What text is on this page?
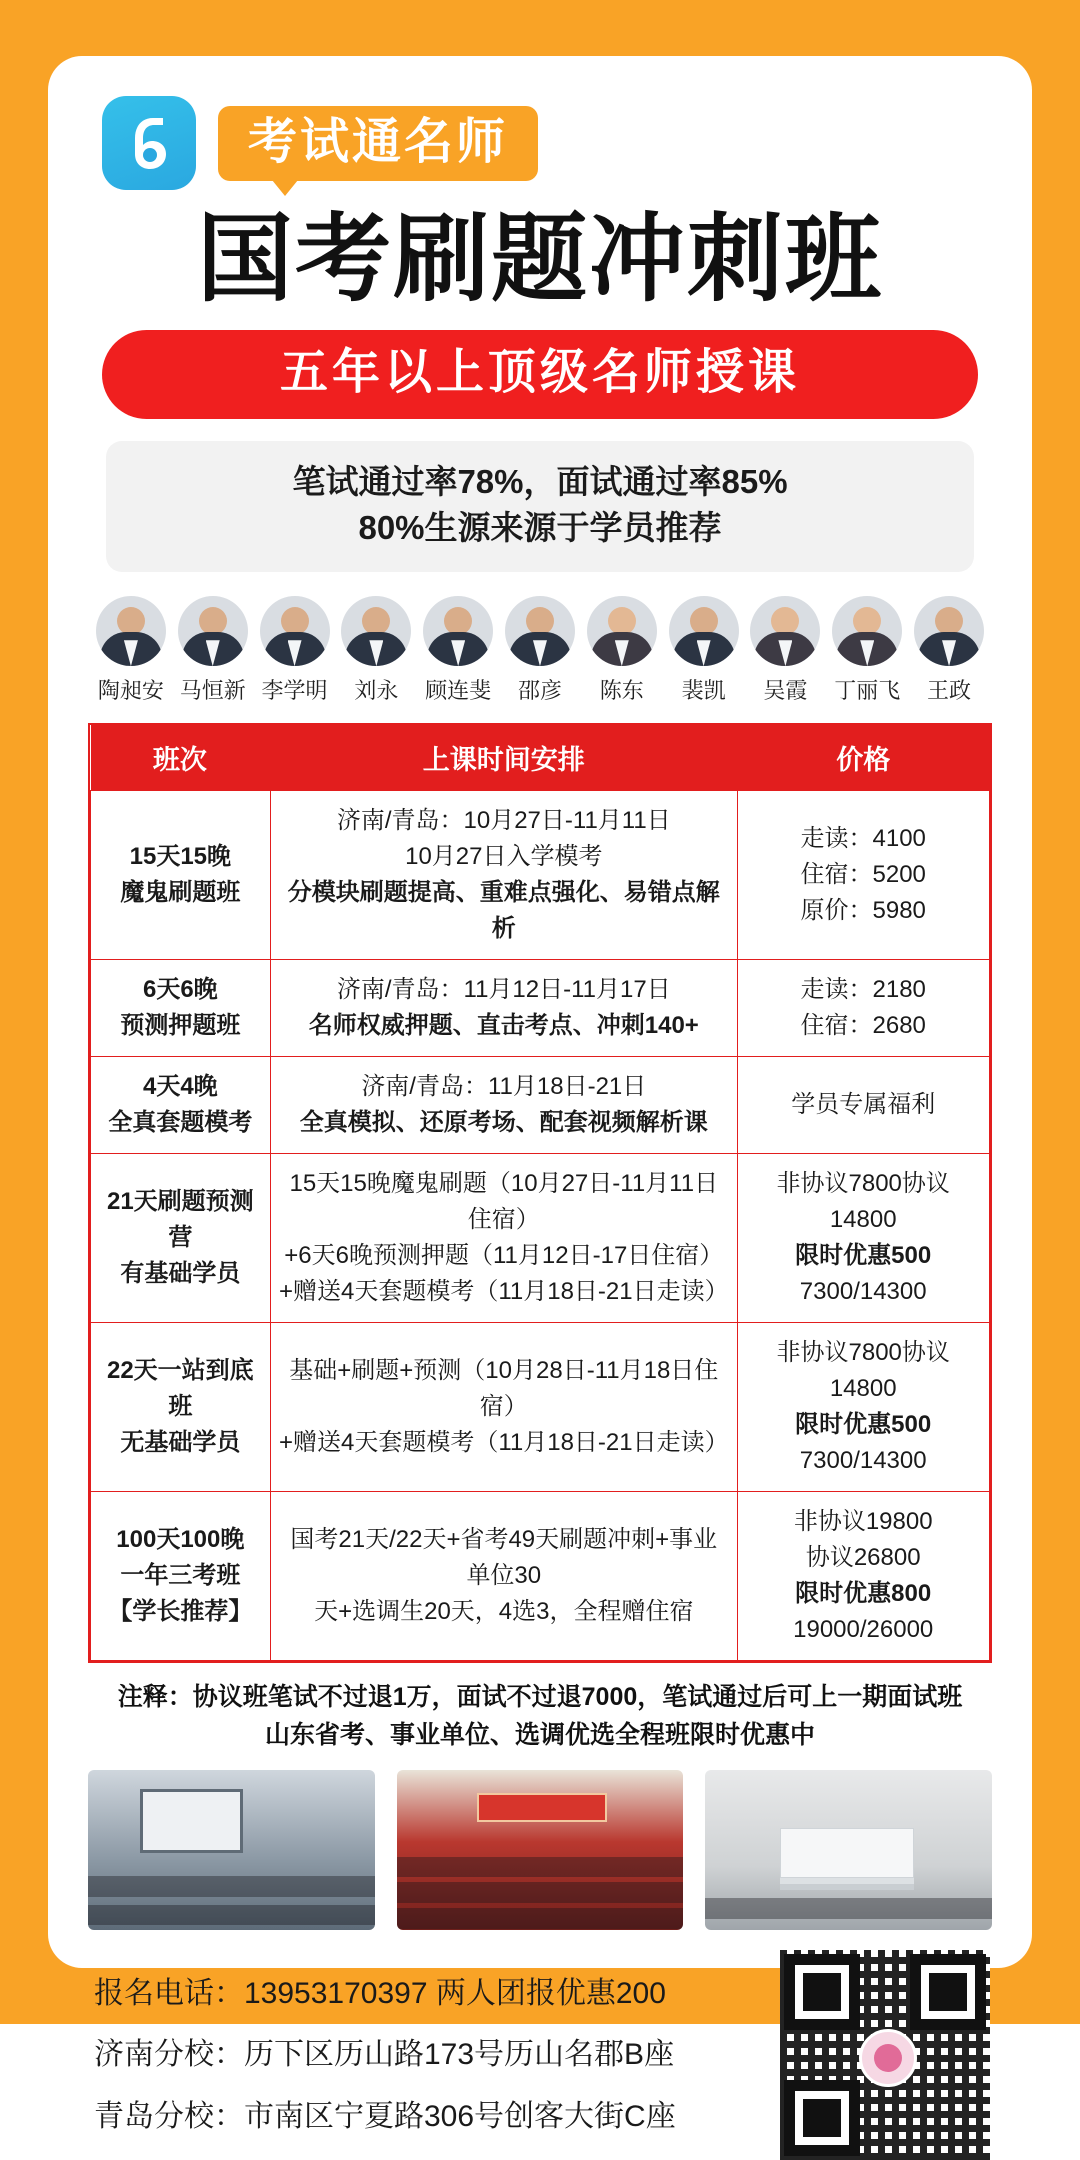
考试通名师
国考刷题冲刺班
五年以上顶级名师授课
笔试通过率78%，面试通过率85%
80%生源来源于学员推荐
陶昶安 马恒新 李学明	刘永	顾连斐	邵彦	陈东	裴凯	吴霞	丁丽飞	王政
班次	上课时间安排	价格

15天15晚
魔鬼刷题班	济南/青岛：10月27日-11月11日
10月27日入学模考
分模块刷题提高、重难点强化、易错点解析	走读：4100
住宿：5200
原价：5980

6天6晚
预测押题班	济南/青岛：11月12日-11月17日
名师权威押题、直击考点、冲刺140+	走读：2180
住宿：2680

4天4晚
全真套题模考	济南/青岛：11月18日-21日
全真模拟、还原考场、配套视频解析课	学员专属福利

21天刷题预测营
有基础学员	15天15晚魔鬼刷题（10月27日-11月11日住宿）
+6天6晚预测押题（11月12日-17日住宿）
+赠送4天套题模考（11月18日-21日走读）	非协议7800协议14800
限时优惠500
7300/14300

22天一站到底班
无基础学员	基础+刷题+预测（10月28日-11月18日住宿）
+赠送4天套题模考（11月18日-21日走读）	非协议7800协议14800
限时优惠500
7300/14300

100天100晚
一年三考班
【学长推荐】	国考21天/22天+省考49天刷题冲刺+事业单位30
天+选调生20天，4选3，全程赠住宿	非协议19800
协议26800
限时优惠800
19000/26000
注释：协议班笔试不过退1万，面试不过退7000，笔试通过后可上一期面试班
山东省考、事业单位、选调优选全程班限时优惠中
报名电话：13953170397 两人团报优惠200
济南分校：历下区历山路173号历山名郡B座
青岛分校：市南区宁夏路306号创客大街C座
